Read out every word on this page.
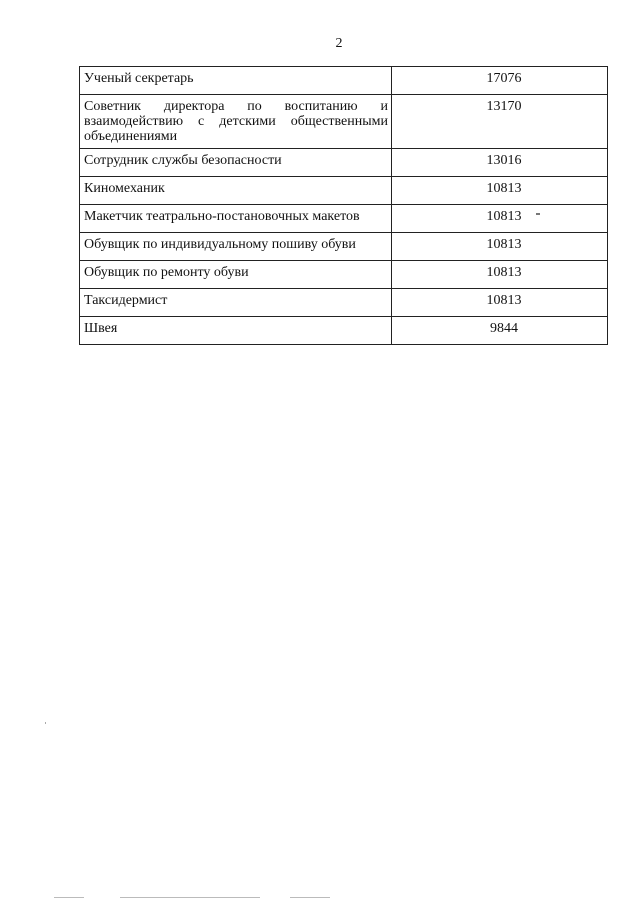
2
Ученый секретарь	17076
Советник директора по воспитанию и взаимодействию с детскими общественными объединениями	13170
Сотрудник службы безопасности	13016
Киномеханик	10813
Макетчик театрально-постановочных макетов	10813
Обувщик по индивидуальному пошиву обуви	10813
Обувщик по ремонту обуви	10813
Таксидермист	10813
Швея	9844
